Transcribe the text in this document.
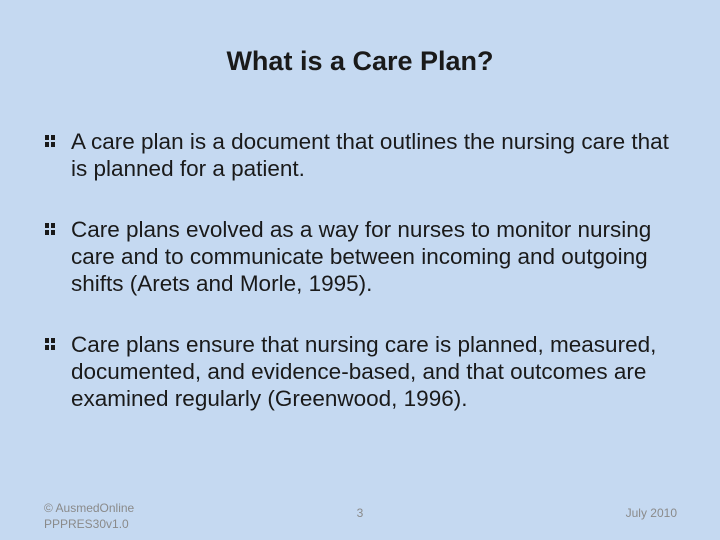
What is a Care Plan?
A care plan is a document that outlines the nursing care that is planned for a patient.
Care plans evolved as a way for nurses to monitor nursing care and to communicate between incoming and outgoing shifts (Arets and Morle, 1995).
Care plans ensure that nursing care is planned, measured, documented, and evidence-based, and that outcomes are examined regularly (Greenwood, 1996).
© AusmedOnline
PPPRES30v1.0
3	July 2010
